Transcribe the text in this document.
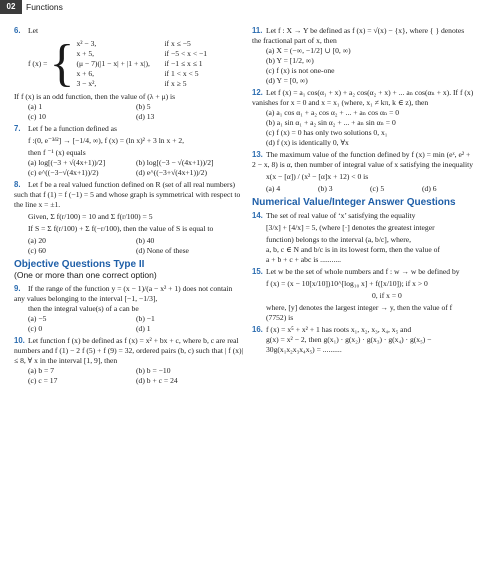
02	Functions
6. Let
f (x) = { x² − 3,	if x ≤ −5
x + 5,	if −5 < x < −1
(μ − 7)(|1 − x| + |1 + x|),	if −1 ≤ x ≤ 1
x + 6,	if 1 < x < 5
3 − x²,	if x ≥ 5
If f (x) is an odd function, then the value of (λ + μ) is
(a) 1	(b) 5
(c) 10	(d) 13
7. Let f be a function defined as
f :(0, e⁻³ᵟ²] → [−1/4, ∞), f (x) = (ln x)² + 3 ln x + 2,
then f ⁻¹ (x) equals
(a) log[(−3 + √(4x+1))/2]	(b) log[(−3 − √(4x+1))/2]
(c) e^((−3−√(4x+1))/2)	(d) e^((−3+√(4x+1))/2)
8. Let f be a real valued function defined on R (set of all real numbers) such that f (1) = f (−1) = 5 and whose graph is symmetrical with respect to the line x = ±1.
Given, Σ f(r/100) = 10 and Σ f(r/100) = 5
If S = Σ f(r/100) + Σ f(−r/100), then the value of S is equal to
(a) 20	(b) 40
(c) 60	(d) None of these
Objective Questions Type II
(One or more than one correct option)
9. If the range of the function y = (x − 1)/(a − x² + 1) does not contain any values belonging to the interval [−1, −1/3],
then the integral value(s) of a can be
(a) −5	(b) −1
(c) 0	(d) 1
10. Let function f (x) be defined as f (x) = x² + bx + c, where b, c are real numbers and f (1) − 2 f (5) + f (9) = 32, ordered pairs (b, c) such that | f (x)| ≤ 8, ∀ x in the interval [1, 9], then
(a) b = 7	(b) b = −10
(c) c = 17	(d) b + c = 24
11. Let f : X → Y be defined as f (x) = √(x) − {x}, where { } denotes the fractional part of x, then
(a) X = (−∞, −1/2] ∪ [0, ∞)
(b) Y = [1/2, ∞)
(c) f (x) is not one-one
(d) Y = [0, ∞)
12. Let f (x) = a₁ cos(α₁ + x) + a₂ cos(α₂ + x) + ... aₙ cos(αₙ + x). If f (x) vanishes for x = 0 and x = x₁ (where, x₁ ≠ kπ, k ∈ z), then
(a) a₁ cos α₁ + a₂ cos α₂ + ... + aₙ cos αₙ = 0
(b) a₁ sin α₁ + a₂ sin α₂ + ... + aₙ sin αₙ = 0
(c) f (x) = 0 has only two solutions 0, x₁
(d) f (x) is identically 0, ∀x
13. The maximum value of the function defined by f (x) = min (eˣ, e² + 2 − x, 8) is α, then number of integral value of x satisfying the inequality
x(x − [α]) / (x² − [α]x + 12) < 0 is
(a) 4	(b) 3	(c) 5	(d) 6
Numerical Value/Integer Answer Questions
14. The set of real value of ‘x’ satisfying the equality
[3/x] + [4/x] = 5, (where [·] denotes the greatest integer
function) belongs to the interval (a, b/c], where,
a, b, c ∈ N and b/c is in its lowest form, then the value of
a + b + c + abc is ...........
15. Let w be the set of whole numbers and f : w → w be defined by
f (x) = (x − 10[x/10])10^[log₁₀ x] + f([x/10]); if x > 0
0, if x = 0
where, [y] denotes the largest integer → y, then the value of f (7752) is
16. f (x) = x⁵ + x² + 1 has roots x₁, x₂, x₃, x₄, x₅ and
g(x) = x² − 2, then g(x₁) · g(x₂) · g(x₃) · g(x₄) · g(x₅) −
30g(x₁x₂x₃x₄x₅) = ..........
